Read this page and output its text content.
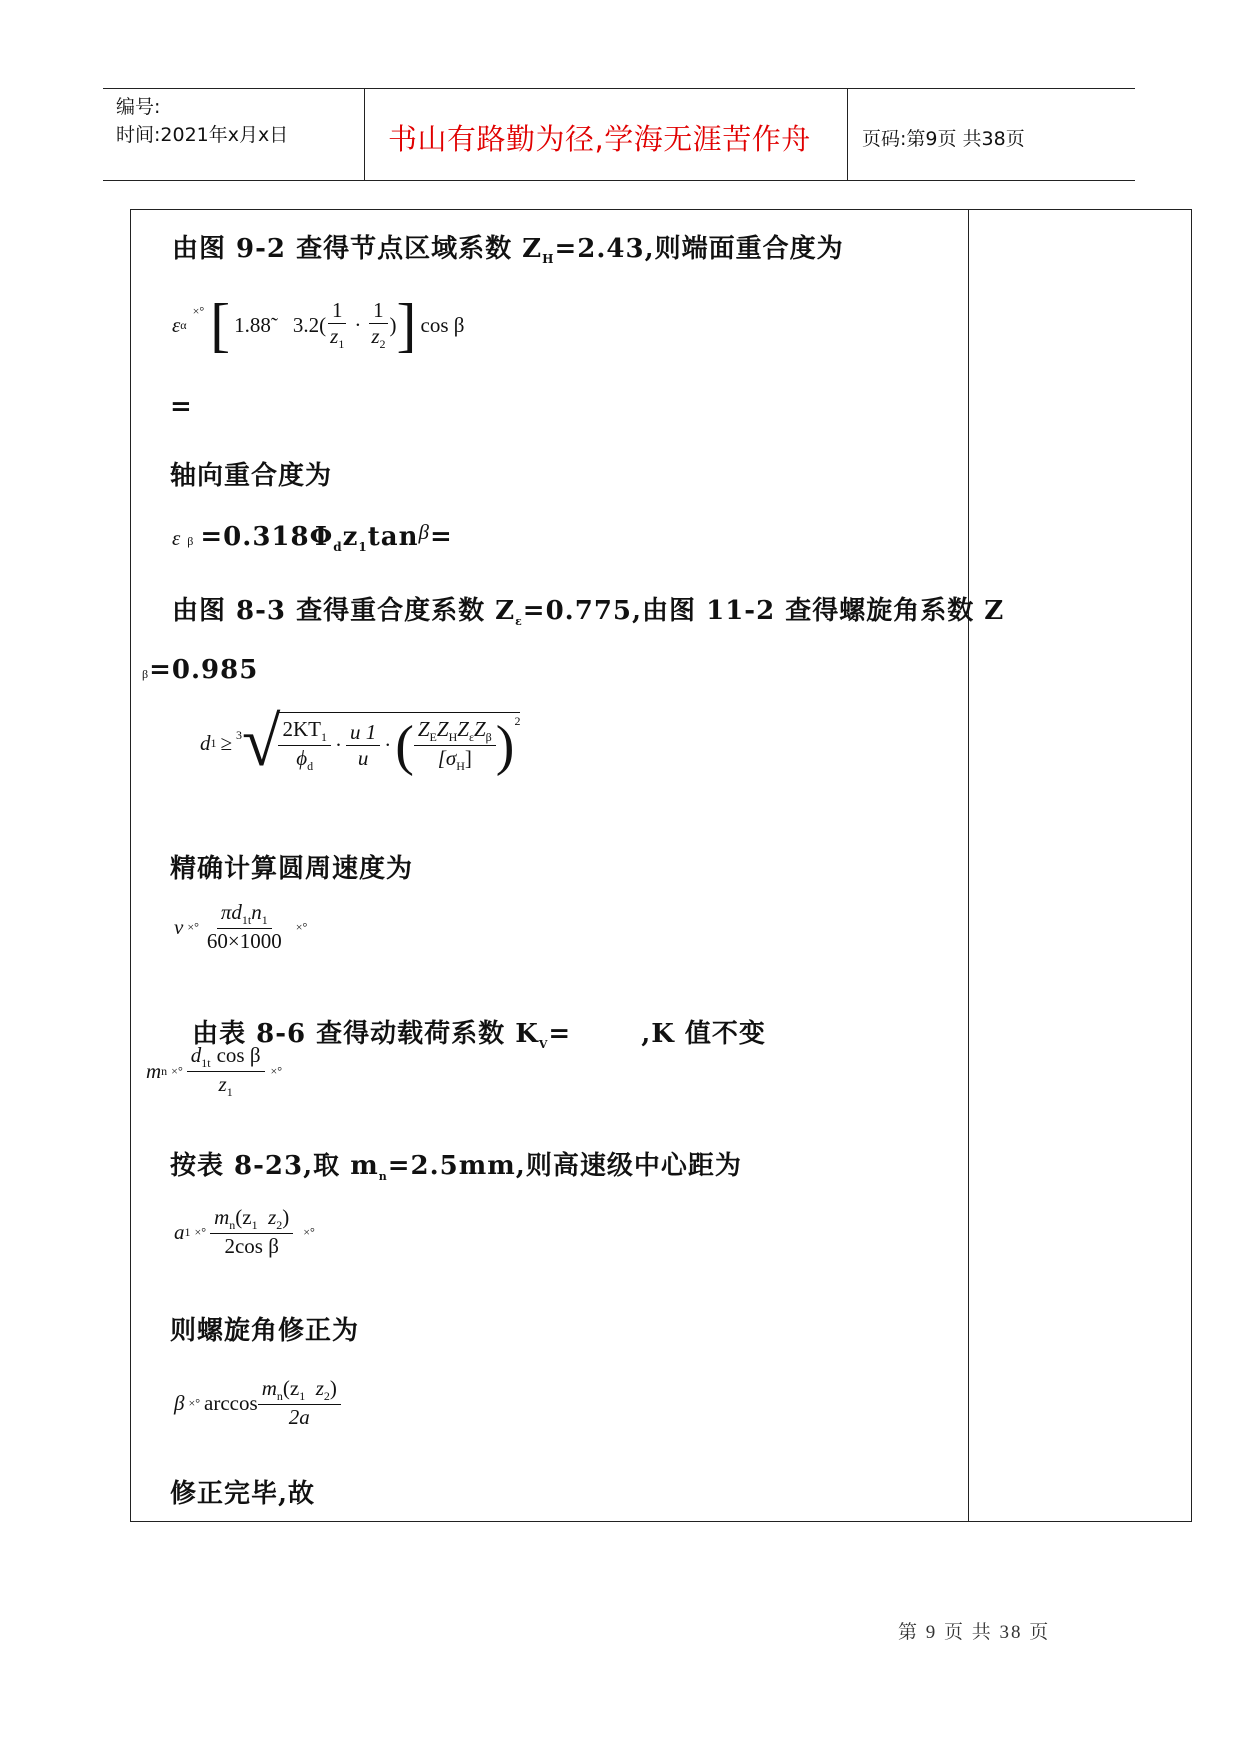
编号:
时间:2021年x月x日	书山有路勤为径,学海无涯苦作舟	页码:第9页 共38页
由图 9-2 查得节点区域系数 $Z_H=2.43$,则端面重合度为
ε α
×° [ 1.88̃ $3.2( \frac{1}{z_1} \cdot \frac{1}{z_2}$ ) ] cos β
=
轴向重合度为
$\varepsilon\beta =0.318\Phi_dz_1\tan^\beta=$
由图 8-3 查得重合度系数 $Z_\varepsilon=0.775$,由图 11-2 查得螺旋角系数 Z
β=0.985
d 1 ≥ $^3$ √
$\frac{2KT_1}{\phi_d} \cdot \frac{u 1}{u}$ · ( $\frac{Z_EZ_HZ_\varepsilon Z_\beta}{[\sigma_H]} )^2$
精确计算圆周速度为
v ×° $\frac{\pi d_{1t}n_1}{60\times 1000}$ ×°

由表 8-6 查得动载荷系数 $K_V=$	,K 值不变

m n ×° $\frac{d_{1t} \cos \beta}{z_1}$ ×°
按表 8-23,取 $m_n=2.5mm$,则高速级中心距为
a 1 ×° $\frac{m_n(z_1 z_2)}{\text{2cos β}}$ ×°
则螺旋角修正为
β ×° $\arccos \frac{m_n(z_1 z_2)}{2a}$
修正完毕,故
第 9 页 共 38 页
